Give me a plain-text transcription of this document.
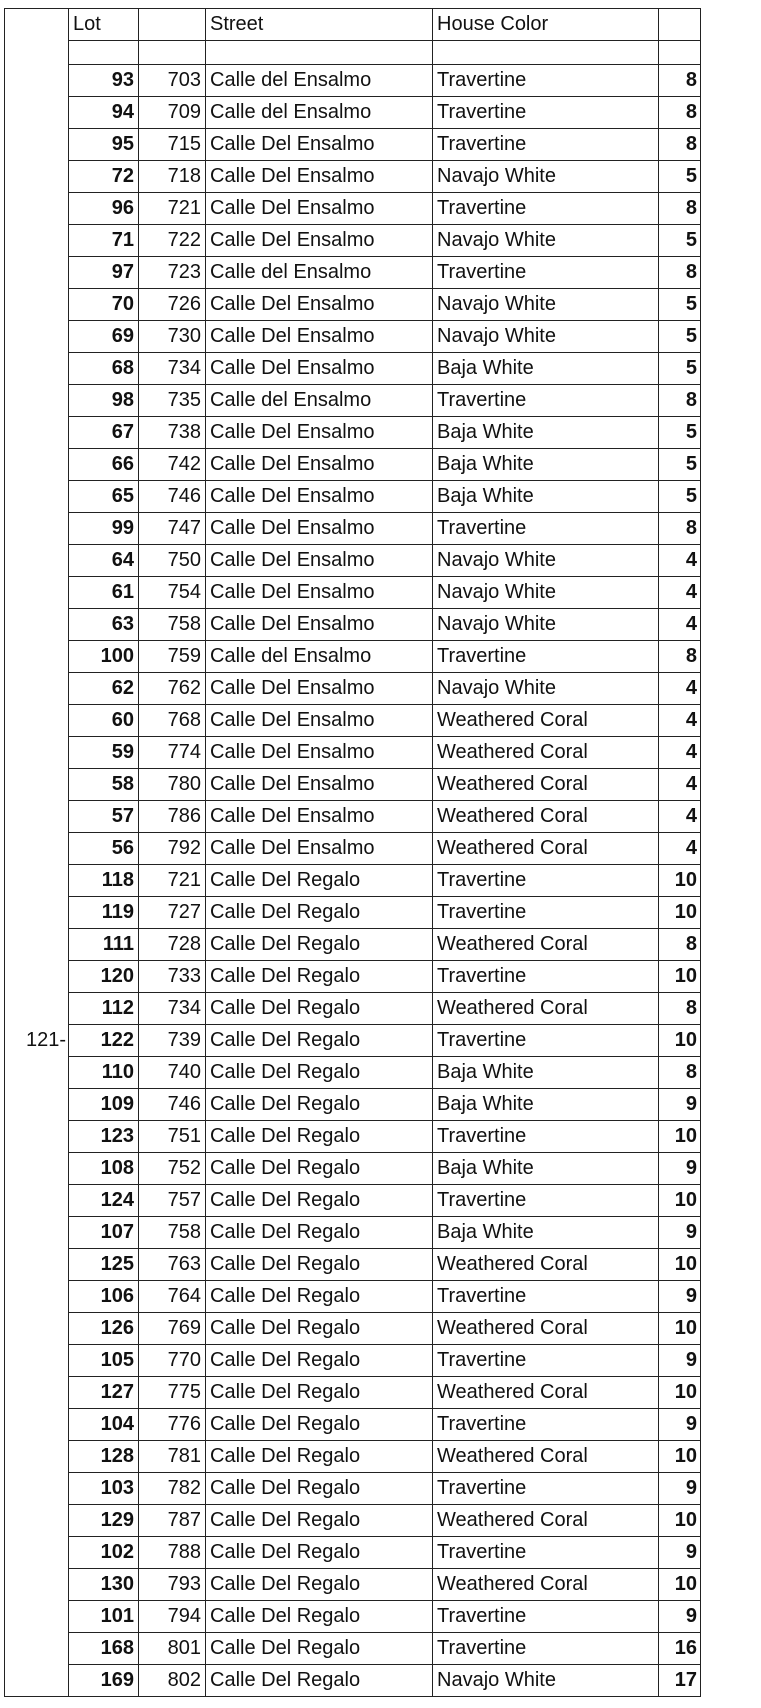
	Lot		Street	House Color	

	93	703	Calle del Ensalmo	Travertine	8
	94	709	Calle del Ensalmo	Travertine	8
	95	715	Calle Del Ensalmo	Travertine	8
	72	718	Calle Del Ensalmo	Navajo White	5
	96	721	Calle Del Ensalmo	Travertine	8
	71	722	Calle Del Ensalmo	Navajo White	5
	97	723	Calle del Ensalmo	Travertine	8
	70	726	Calle Del Ensalmo	Navajo White	5
	69	730	Calle Del Ensalmo	Navajo White	5
	68	734	Calle Del Ensalmo	Baja White	5
	98	735	Calle del Ensalmo	Travertine	8
	67	738	Calle Del Ensalmo	Baja White	5
	66	742	Calle Del Ensalmo	Baja White	5
	65	746	Calle Del Ensalmo	Baja White	5
	99	747	Calle Del Ensalmo	Travertine	8
	64	750	Calle Del Ensalmo	Navajo White	4
	61	754	Calle Del Ensalmo	Navajo White	4
	63	758	Calle Del Ensalmo	Navajo White	4
	100	759	Calle del Ensalmo	Travertine	8
	62	762	Calle Del Ensalmo	Navajo White	4
	60	768	Calle Del Ensalmo	Weathered Coral	4
	59	774	Calle Del Ensalmo	Weathered Coral	4
	58	780	Calle Del Ensalmo	Weathered Coral	4
	57	786	Calle Del Ensalmo	Weathered Coral	4
	56	792	Calle Del Ensalmo	Weathered Coral	4
	118	721	Calle Del Regalo	Travertine	10
	119	727	Calle Del Regalo	Travertine	10
	111	728	Calle Del Regalo	Weathered Coral	8
	120	733	Calle Del Regalo	Travertine	10
	112	734	Calle Del Regalo	Weathered Coral	8
121-	122	739	Calle Del Regalo	Travertine	10
	110	740	Calle Del Regalo	Baja White	8
	109	746	Calle Del Regalo	Baja White	9
	123	751	Calle Del Regalo	Travertine	10
	108	752	Calle Del Regalo	Baja White	9
	124	757	Calle Del Regalo	Travertine	10
	107	758	Calle Del Regalo	Baja White	9
	125	763	Calle Del Regalo	Weathered Coral	10
	106	764	Calle Del Regalo	Travertine	9
	126	769	Calle Del Regalo	Weathered Coral	10
	105	770	Calle Del Regalo	Travertine	9
	127	775	Calle Del Regalo	Weathered Coral	10
	104	776	Calle Del Regalo	Travertine	9
	128	781	Calle Del Regalo	Weathered Coral	10
	103	782	Calle Del Regalo	Travertine	9
	129	787	Calle Del Regalo	Weathered Coral	10
	102	788	Calle Del Regalo	Travertine	9
	130	793	Calle Del Regalo	Weathered Coral	10
	101	794	Calle Del Regalo	Travertine	9
	168	801	Calle Del Regalo	Travertine	16
	169	802	Calle Del Regalo	Navajo White	17
